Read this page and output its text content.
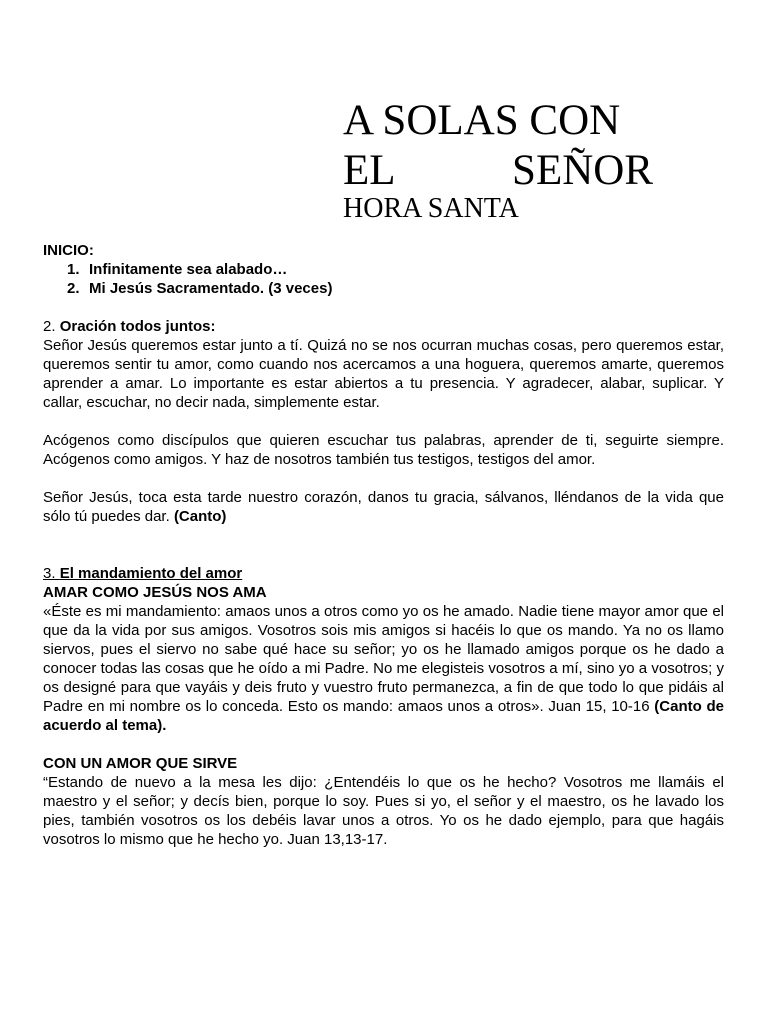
A SOLAS CON
EL	SEÑOR
HORA SANTA

INICIO:

1. Infinitamente sea alabado…
2. Mi Jesús Sacramentado. (3 veces)

2. Oración todos juntos:

Señor Jesús queremos estar junto a tí. Quizá no se nos ocurran muchas cosas, pero queremos estar, queremos sentir tu amor, como cuando nos acercamos a una hoguera, queremos amarte, queremos aprender a amar. Lo importante es estar abiertos a tu presencia. Y agradecer, alabar, suplicar. Y callar, escuchar, no decir nada, simplemente estar.

Acógenos como discípulos que quieren escuchar tus palabras, aprender de ti, seguirte siempre. Acógenos como amigos. Y haz de nosotros también tus testigos, testigos del amor.

Señor Jesús, toca esta tarde nuestro corazón, danos tu gracia, sálvanos, lléndanos de la vida que sólo tú puedes dar. (Canto)

3. El mandamiento del amor

AMAR COMO JESÚS NOS AMA

«Éste es mi mandamiento: amaos unos a otros como yo os he amado. Nadie tiene mayor amor que el que da la vida por sus amigos. Vosotros sois mis amigos si hacéis lo que os mando. Ya no os llamo siervos, pues el siervo no sabe qué hace su señor; yo os he llamado amigos porque os he dado a conocer todas las cosas que he oído a mi Padre. No me elegisteis vosotros a mí, sino yo a vosotros; y os designé para que vayáis y deis fruto y vuestro fruto permanezca, a fin de que todo lo que pidáis al Padre en mi nombre os lo conceda. Esto os mando: amaos unos a otros». Juan 15, 10-16 (Canto de acuerdo al tema).

CON UN AMOR QUE SIRVE

“Estando de nuevo a la mesa les dijo: ¿Entendéis lo que os he hecho? Vosotros me llamáis el maestro y el señor; y decís bien, porque lo soy. Pues si yo, el señor y el maestro, os he lavado los pies, también vosotros os los debéis lavar unos a otros. Yo os he dado ejemplo, para que hagáis vosotros lo mismo que he hecho yo. Juan 13,13-17.
